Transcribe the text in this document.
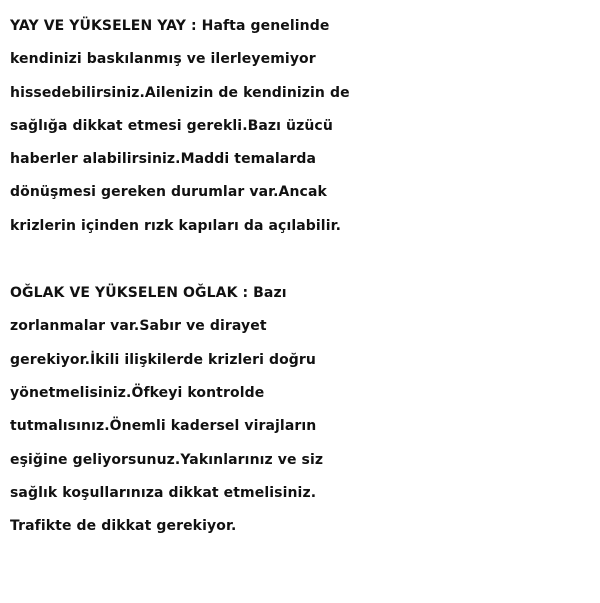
YAY VE YÜKSELEN YAY : Hafta genelinde
kendinizi baskılanmış ve ilerleyemiyor
hissedebilirsiniz.Ailenizin de kendinizin de
sağlığa dikkat etmesi gerekli.Bazı üzücü
haberler alabilirsiniz.Maddi temalarda
dönüşmesi gereken durumlar var.Ancak
krizlerin içinden rızk kapıları da açılabilir.
OĞLAK VE YÜKSELEN OĞLAK : Bazı
zorlanmalar var.Sabır ve dirayet
gerekiyor.İkili ilişkilerde krizleri doğru
yönetmelisiniz.Öfkeyi kontrolde
tutmalısınız.Önemli kadersel virajların
eşiğine geliyorsunuz.Yakınlarınız ve siz
sağlık koşullarınıza dikkat etmelisiniz.
Trafikte de dikkat gerekiyor.
